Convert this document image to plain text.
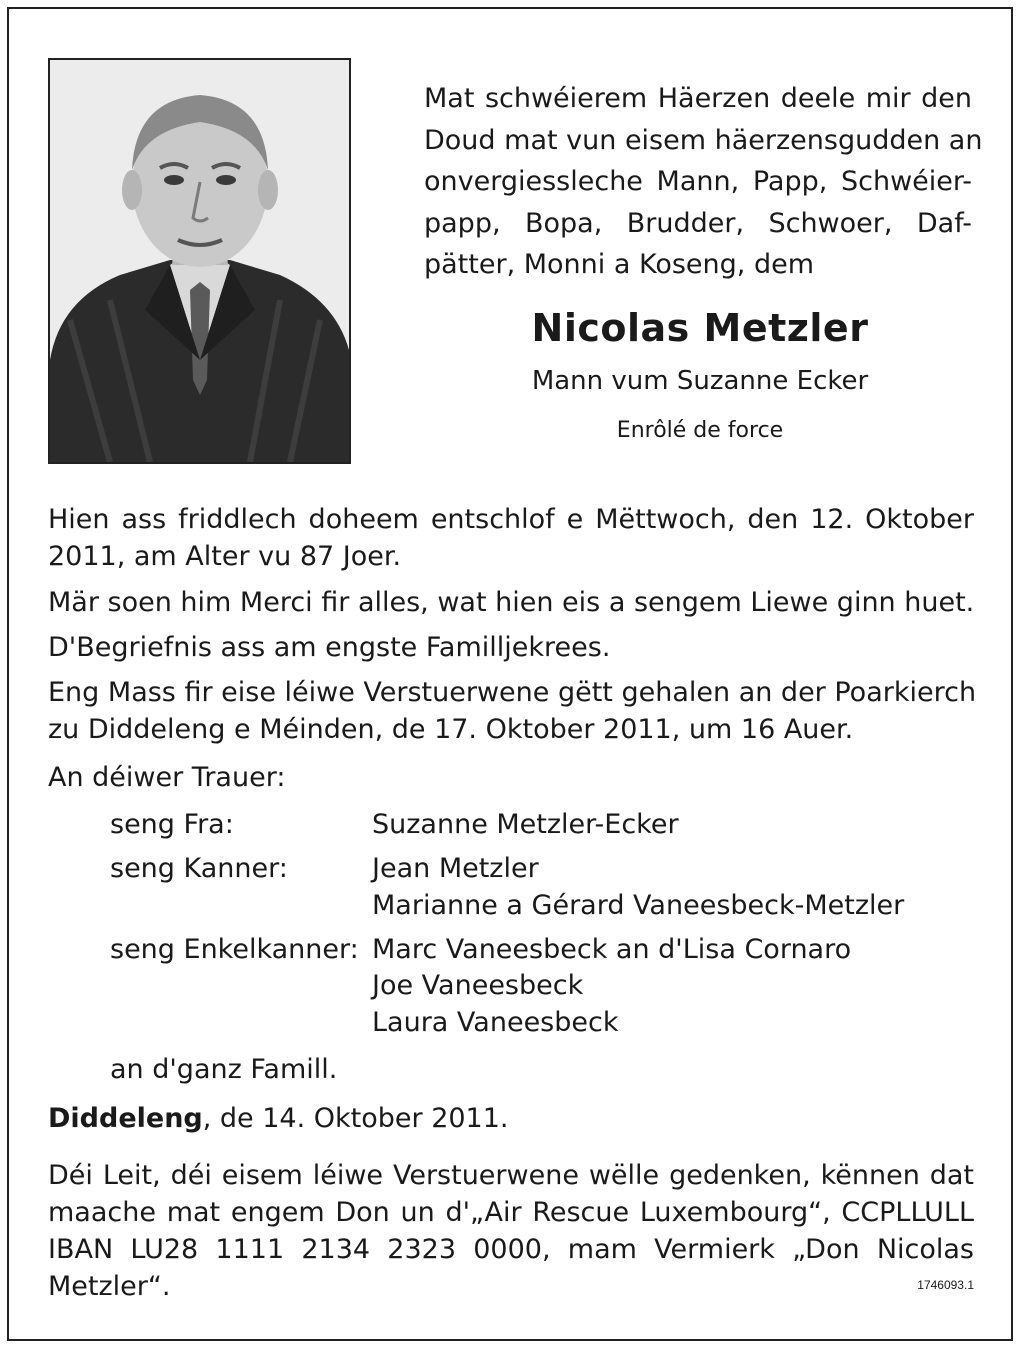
Mat schwéierem Häerzen deele mir den
Doud mat vun eisem häerzensgudden an
onvergiessleche Mann, Papp, Schwéier-
papp, Bopa, Brudder, Schwoer, Daf-
pätter, Monni a Koseng, dem

Nicolas Metzler

Mann vum Suzanne Ecker

Enrôlé de force

Hien ass friddlech doheem entschlof e Mëttwoch, den 12. Oktober
2011, am Alter vu 87 Joer.

Mär soen him Merci fir alles, wat hien eis a sengem Liewe ginn huet.

D'Begriefnis ass am engste Familljekrees.

Eng Mass fir eise léiwe Verstuerwene gëtt gehalen an der Poarkierch
zu Diddeleng e Méinden, de 17. Oktober 2011, um 16 Auer.

An déiwer Trauer:

seng Fra:	Suzanne Metzler-Ecker
seng Kanner:	Jean Metzler
Marianne a Gérard Vaneesbeck-Metzler
seng Enkelkanner: Marc Vaneesbeck an d'Lisa Cornaro
Joe Vaneesbeck
Laura Vaneesbeck
an d'ganz Famill.
Diddeleng, de 14. Oktober 2011.
Déi Leit, déi eisem léiwe Verstuerwene wëlle gedenken, kënnen dat
maache mat engem Don un d'„Air Rescue Luxembourg“, CCPLLULL
IBAN LU28 1111 2134 2323 0000, mam Vermierk „Don Nicolas
Metzler“.	1746093.1
